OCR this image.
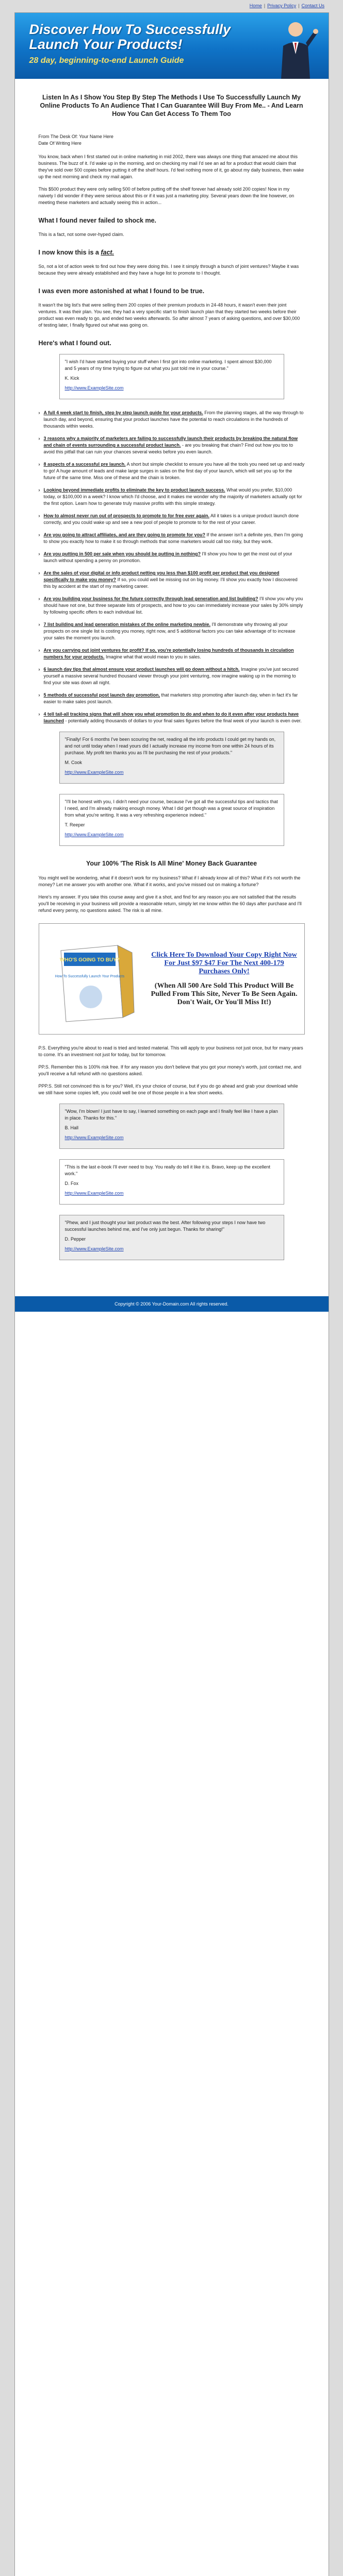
Home | Privacy Policy | Contact Us
Discover How To Successfully Launch Your Products!
28 day, beginning-to-end Launch Guide
Listen In As I Show You Step By Step The Methods I Use To Successfully Launch My Online Products To An Audience That I Can Guarantee Will Buy From Me.. - And Learn How You Can Get Access To Them Too

From The Desk Of: Your Name Here

Date Of Writing Here

You know, back when I first started out in online marketing in mid 2002, there was always one thing that amazed me about this business. The buzz of it. I'd wake up in the morning, and on checking my mail I'd see an ad for a product that would claim that they've sold over 500 copies before putting it off the shelf hours. I'd feel nothing more of it, go about my daily business, then wake up the next morning and check my mail again.

This $500 product they were only selling 500 of before putting off the shelf forever had already sold 200 copies! Now in my naivety I did wonder if they were serious about this or if it was just a marketing ploy. Several years down the line however, on meeting these marketers and actually seeing this in action...

What I found never failed to shock me.

This is a fact, not some over-hyped claim.

I now know this is a fact.

So, not a lot of action week to find out how they were doing this. I see it simply through a bunch of joint ventures? Maybe it was because they were already established and they have a huge list to promote to I thought.

I was even more astonished at what I found to be true.

It wasn't the big list's that were selling them 200 copies of their premium products in 24-48 hours, it wasn't even their joint ventures. It was their plan. You see, they had a very specific start to finish launch plan that they started two weeks before their product was even ready to go, and ended two weeks afterwards. So after almost 7 years of asking questions, and over $30,000 of testing later, I finally figured out what was going on.

Here's what I found out.

"I wish I'd have started buying your stuff when I first got into online marketing. I spent almost $30,000 and 5 years of my time trying to figure out what you just told me in your course."

K. Kick

http://www.ExampleSite.com

› A full 4 week start to finish, step by step launch guide for your products. From the planning stages, all the way through to launch day, and beyond, ensuring that your product launches have the potential to reach circulations in the hundreds of thousands within weeks.
› 3 reasons why a majority of marketers are failing to successfully launch their products by breaking the natural flow and chain of events surrounding a successful product launch. - are you breaking that chain? Find out how you too to avoid this pitfall that can ruin your chances several weeks before you even launch.
› 8 aspects of a successful pre launch. A short but simple checklist to ensure you have all the tools you need set up and ready to go! A huge amount of leads and make large surges in sales on the first day of your launch, which will set you up for the future of the same time. Miss one of these and the chain is broken.
› Looking beyond immediate profits to eliminate the key to product launch success. What would you prefer, $10,000 today, or $100,000 in a week? I know which I'd choose, and it makes me wonder why the majority of marketers actually opt for the first option. Learn how to generate truly massive profits with this simple strategy.
› How to almost never run out of prospects to promote to for free ever again. All it takes is a unique product launch done correctly, and you could wake up and see a new pool of people to promote to for the rest of your career.
› Are you going to attract affiliates, and are they going to promote for you? If the answer isn't a definite yes, then I'm going to show you exactly how to make it so through methods that some marketers would call too risky, but they work.
› Are you putting in 500 per sale when you should be putting in nothing? I'll show you how to get the most out of your launch without spending a penny on promotion.
› Are the sales of your digital or info product netting you less than $100 profit per product that you designed specifically to make you money? If so, you could well be missing out on big money. I'll show you exactly how I discovered this by accident at the start of my marketing career.
› Are you building your business for the future correctly through lead generation and list building? I'll show you why you should have not one, but three separate lists of prospects, and how to you can immediately increase your sales by 30% simply by following specific offers to each individual list.
› 7 list building and lead generation mistakes of the online marketing newbie. I'll demonstrate why throwing all your prospects on one single list is costing you money, right now, and 5 additional factors you can take advantage of to increase your sales the moment you launch.
› Are you carrying out joint ventures for profit? If so, you're potentially losing hundreds of thousands in circulation numbers for your products. Imagine what that would mean to you in sales.
› 6 launch day tips that almost ensure your product launches will go down without a hitch. Imagine you've just secured yourself a massive several hundred thousand viewer through your joint venturing, now imagine waking up in the morning to find your site was down all night.
› 5 methods of successful post launch day promotion, that marketers stop promoting after launch day, when in fact it's far easier to make sales post launch.
› 4 tell tail-all tracking signs that will show you what promotion to do and when to do it even after your products have launched - potentially adding thousands of dollars to your final sales figures before the final week of your launch is even over.

"Finally! For 6 months I've been scouring the net, reading all the info products I could get my hands on, and not until today when I read yours did I actually increase my income from one within 24 hours of its purchase. My profit ten thanks you as I'll be purchasing the rest of your products."

M. Cook

http://www.ExampleSite.com

"I'll be honest with you, I didn't need your course, because I've got all the successful tips and tactics that I need, and I'm already making enough money. What I did get though was a great source of inspiration from what you're writing. It was a very refreshing experience indeed."

T. Reeper

http://www.ExampleSite.com

Your 100% 'The Risk Is All Mine' Money Back Guarantee

You might well be wondering, what if it doesn't work for my business? What if I already know all of this? What if it's not worth the money? Let me answer you with another one. What if it works, and you've missed out on making a fortune?

Here's my answer. If you take this course away and give it a shot, and find for any reason you are not satisfied that the results you'll be receiving in your business will provide a reasonable return, simply let me know within the 60 days after purchase and I'll refund every penny, no questions asked. The risk is all mine.

WHO'S GOING TO BUY?
How To Successfully Launch Your Products
Click Here To Download Your Copy Right Now For Just $97 $47 For The Next 400-179 Purchases Only!
(When All 500 Are Sold This Product Will Be Pulled From This Site, Never To Be Seen Again. Don't Wait, Or You'll Miss It!)

P.S. Everything you're about to read is tried and tested material. This will apply to your business not just once, but for many years to come. It's an investment not just for today, but for tomorrow.

PP.S. Remember this is 100% risk free. If for any reason you don't believe that you got your money's worth, just contact me, and you'll receive a full refund with no questions asked.

PPP.S. Still not convinced this is for you? Well, it's your choice of course, but if you do go ahead and grab your download while we still have some copies left, you could well be one of those people in a few short weeks.

"Wow, I'm blown! I just have to say, I learned something on each page and I finally feel like I have a plan in place. Thanks for this."

B. Hall

http://www.ExampleSite.com

"This is the last e-book I'll ever need to buy. You really do tell it like it is. Bravo, keep up the excellent work."

D. Fox

http://www.ExampleSite.com

"Phew, and I just thought your last product was the best. After following your steps I now have two successful launches behind me, and I've only just begun. Thanks for sharing!"

D. Pepper

http://www.ExampleSite.com

Copyright © 2006 Your-Domain.com All rights reserved.
